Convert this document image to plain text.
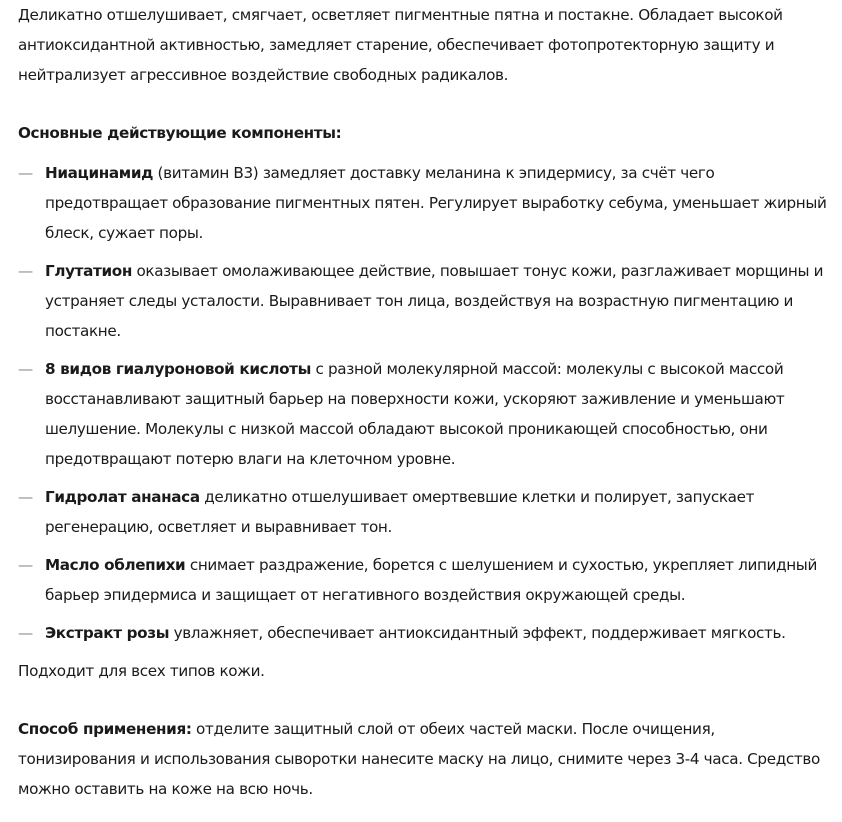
Деликатно отшелушивает, смягчает, осветляет пигментные пятна и постакне. Обладает высокой антиоксидантной активностью, замедляет старение, обеспечивает фотопротекторную защиту и нейтрализует агрессивное воздействие свободных радикалов.

Основные действующие компоненты:

— Ниацинамид (витамин B3) замедляет доставку меланина к эпидермису, за счёт чего предотвращает образование пигментных пятен. Регулирует выработку себума, уменьшает жирный блеск, сужает поры.
— Глутатион оказывает омолаживающее действие, повышает тонус кожи, разглаживает морщины и устраняет следы усталости. Выравнивает тон лица, воздействуя на возрастную пигментацию и постакне.
— 8 видов гиалуроновой кислоты с разной молекулярной массой: молекулы с высокой массой восстанавливают защитный барьер на поверхности кожи, ускоряют заживление и уменьшают шелушение. Молекулы с низкой массой обладают высокой проникающей способностью, они предотвращают потерю влаги на клеточном уровне.
— Гидролат ананаса деликатно отшелушивает омертвевшие клетки и полирует, запускает регенерацию, осветляет и выравнивает тон.
— Масло облепихи снимает раздражение, борется с шелушением и сухостью, укрепляет липидный барьер эпидермиса и защищает от негативного воздействия окружающей среды.
— Экстракт розы увлажняет, обеспечивает антиоксидантный эффект, поддерживает мягкость.

Подходит для всех типов кожи.

Способ применения: отделите защитный слой от обеих частей маски. После очищения, тонизирования и использования сыворотки нанесите маску на лицо, снимите через 3-4 часа. Средство можно оставить на коже на всю ночь.
